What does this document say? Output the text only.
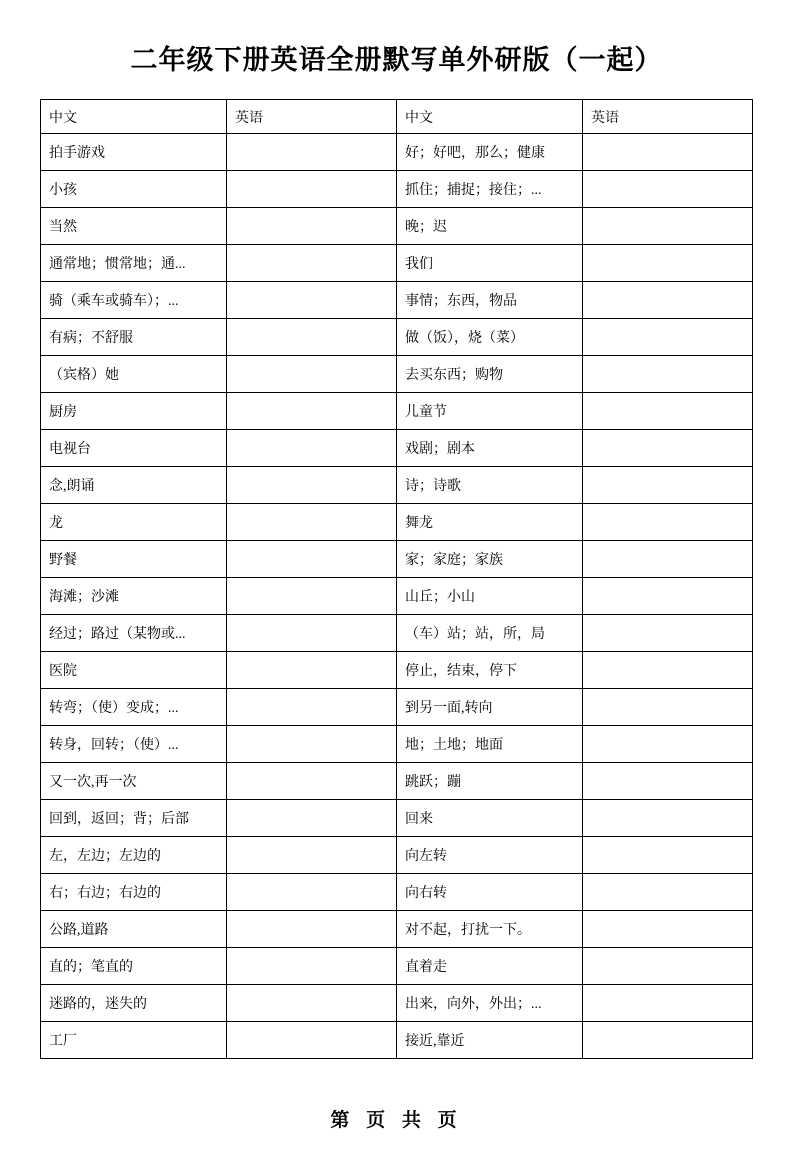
二年级下册英语全册默写单外研版（一起）
中文	英语	中文	英语
拍手游戏		好；好吧，那么；健康	
小孩		抓住；捕捉；接住；...	
当然		晚；迟	
通常地；惯常地；通...		我们	
骑（乘车或骑车）；...		事情；东西，物品	
有病；不舒服		做（饭），烧（菜）	
（宾格）她		去买东西；购物	
厨房		儿童节	
电视台		戏剧；剧本	
念,朗诵		诗；诗歌	
龙		舞龙	
野餐		家；家庭；家族	
海滩；沙滩		山丘；小山	
经过；路过（某物或...		（车）站；站，所，局	
医院		停止，结束，停下	
转弯；（使）变成；...		到另一面,转向	
转身，回转；（使）...		地；土地；地面	
又一次,再一次		跳跃；蹦	
回到，返回；背；后部		回来	
左，左边；左边的		向左转	
右；右边；右边的		向右转	
公路,道路		对不起，打扰一下。	
直的；笔直的		直着走	
迷路的，迷失的		出来，向外，外出；...	
工厂		接近,靠近	
第 页 共 页
